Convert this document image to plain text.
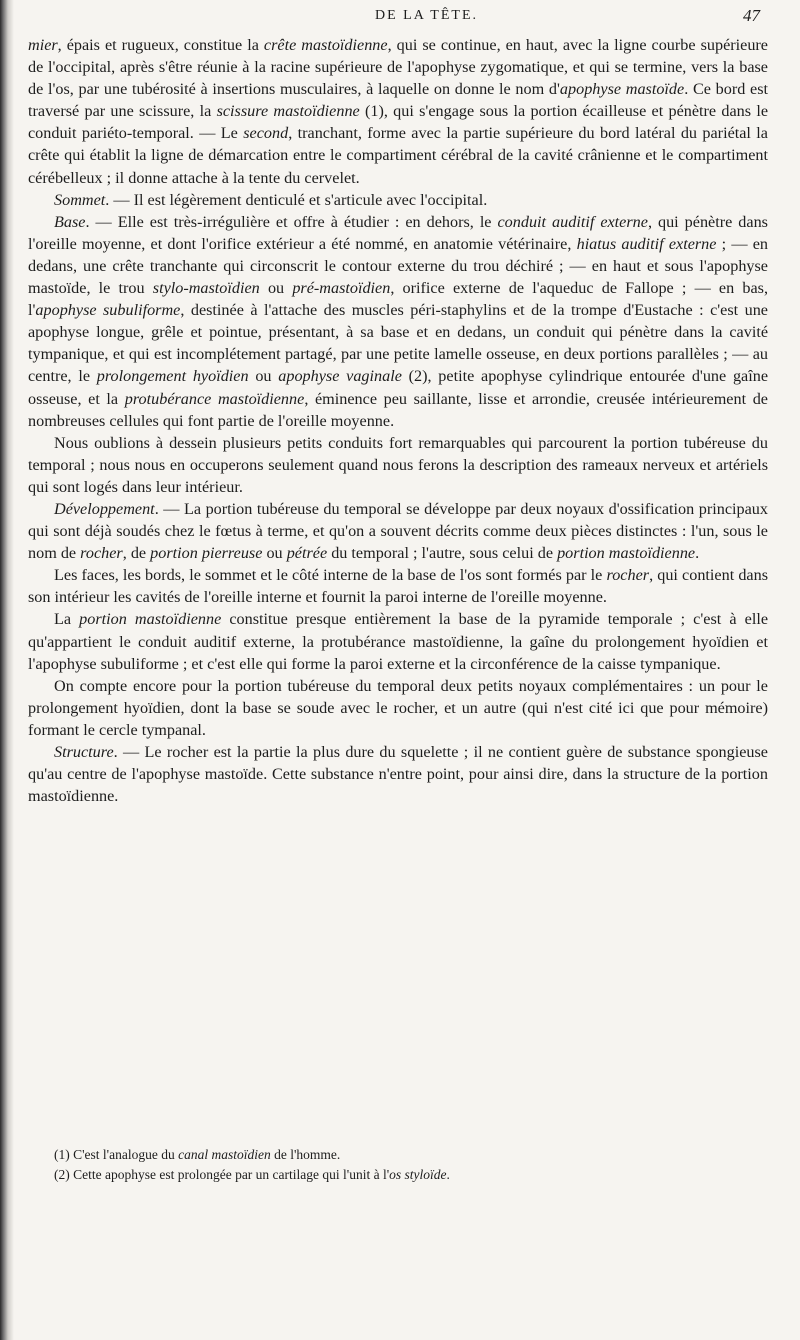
DE LA TÊTE.	47

mier, épais et rugueux, constitue la crête mastoïdienne, qui se continue, en haut, avec la ligne courbe supérieure de l'occipital, après s'être réunie à la racine supérieure de l'apophyse zygomatique, et qui se termine, vers la base de l'os, par une tubérosité à insertions musculaires, à laquelle on donne le nom d'apophyse mastoïde. Ce bord est traversé par une scissure, la scissure mastoïdienne (1), qui s'engage sous la portion écailleuse et pénètre dans le conduit pariéto-temporal. — Le second, tranchant, forme avec la partie supérieure du bord latéral du pariétal la crête qui établit la ligne de démarcation entre le compartiment cérébral de la cavité crânienne et le compartiment cérébelleux ; il donne attache à la tente du cervelet.

Sommet. — Il est légèrement denticulé et s'articule avec l'occipital.

Base. — Elle est très-irrégulière et offre à étudier : en dehors, le conduit auditif externe, qui pénètre dans l'oreille moyenne, et dont l'orifice extérieur a été nommé, en anatomie vétérinaire, hiatus auditif externe ; — en dedans, une crête tranchante qui circonscrit le contour externe du trou déchiré ; — en haut et sous l'apophyse mastoïde, le trou stylo-mastoïdien ou pré-mastoïdien, orifice externe de l'aqueduc de Fallope ; — en bas, l'apophyse subuliforme, destinée à l'attache des muscles péri-staphylins et de la trompe d'Eustache : c'est une apophyse longue, grêle et pointue, présentant, à sa base et en dedans, un conduit qui pénètre dans la cavité tympanique, et qui est incomplétement partagé, par une petite lamelle osseuse, en deux portions parallèles ; — au centre, le prolongement hyoïdien ou apophyse vaginale (2), petite apophyse cylindrique entourée d'une gaîne osseuse, et la protubérance mastoïdienne, éminence peu saillante, lisse et arrondie, creusée intérieurement de nombreuses cellules qui font partie de l'oreille moyenne.

Nous oublions à dessein plusieurs petits conduits fort remarquables qui parcourent la portion tubéreuse du temporal ; nous nous en occuperons seulement quand nous ferons la description des rameaux nerveux et artériels qui sont logés dans leur intérieur.

Développement. — La portion tubéreuse du temporal se développe par deux noyaux d'ossification principaux qui sont déjà soudés chez le fœtus à terme, et qu'on a souvent décrits comme deux pièces distinctes : l'un, sous le nom de rocher, de portion pierreuse ou pétrée du temporal ; l'autre, sous celui de portion mastoïdienne.

Les faces, les bords, le sommet et le côté interne de la base de l'os sont formés par le rocher, qui contient dans son intérieur les cavités de l'oreille interne et fournit la paroi interne de l'oreille moyenne.

La portion mastoïdienne constitue presque entièrement la base de la pyramide temporale ; c'est à elle qu'appartient le conduit auditif externe, la protubérance mastoïdienne, la gaîne du prolongement hyoïdien et l'apophyse subuliforme ; et c'est elle qui forme la paroi externe et la circonférence de la caisse tympanique.

On compte encore pour la portion tubéreuse du temporal deux petits noyaux complémentaires : un pour le prolongement hyoïdien, dont la base se soude avec le rocher, et un autre (qui n'est cité ici que pour mémoire) formant le cercle tympanal.

Structure. — Le rocher est la partie la plus dure du squelette ; il ne contient guère de substance spongieuse qu'au centre de l'apophyse mastoïde. Cette substance n'entre point, pour ainsi dire, dans la structure de la portion mastoïdienne.

(1) C'est l'analogue du canal mastoïdien de l'homme.

(2) Cette apophyse est prolongée par un cartilage qui l'unit à l'os styloïde.
